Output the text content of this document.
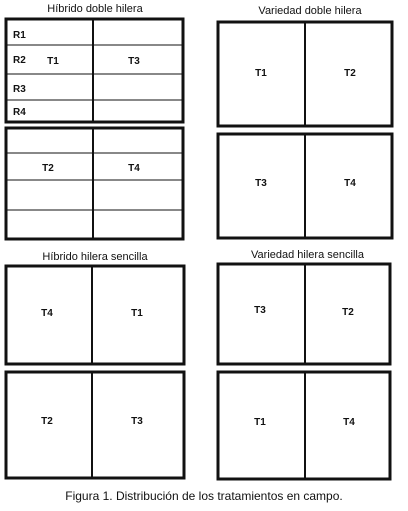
Híbrido doble hilera	Variedad doble hilera
Híbrido hilera sencilla	Variedad hilera sencilla
R1
R2
R3
R4
T1	T3
T2	T4
T1	T2
T3	T4
T4	T1
T2	T3
T3	T2
T1	T4
Figura 1. Distribución de los tratamientos en campo.
